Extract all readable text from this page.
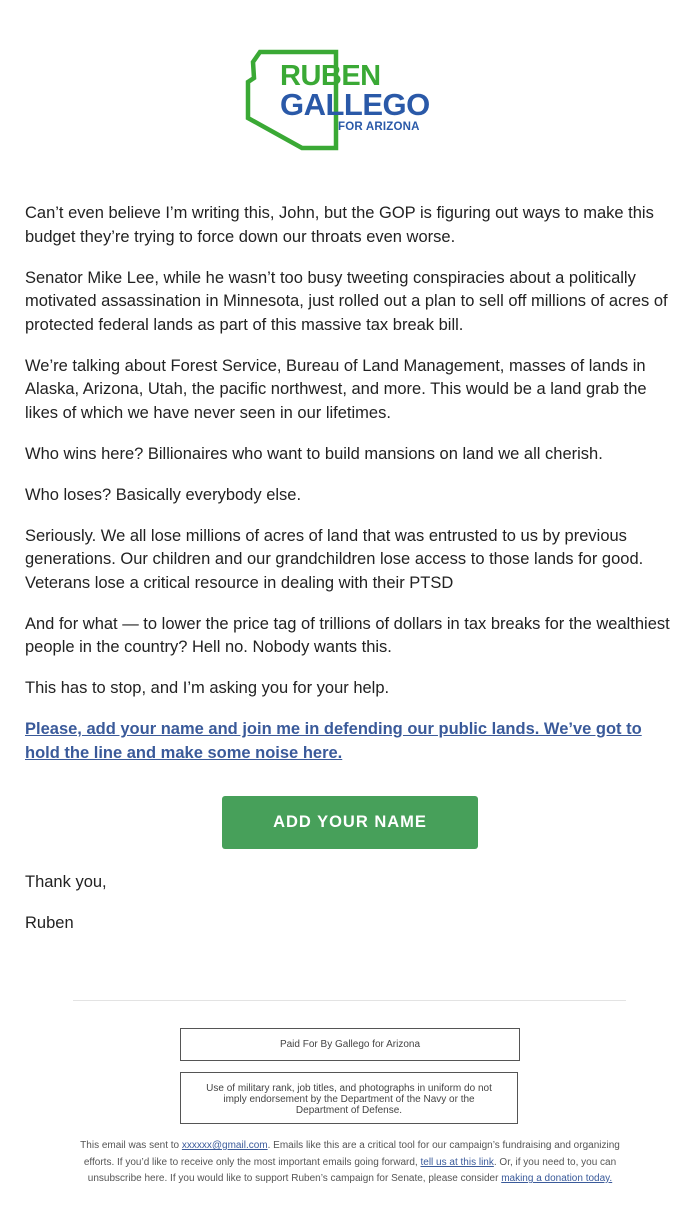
RUBEN
GALLEGO
FOR ARIZONA

Can’t even believe I’m writing this, John, but the GOP is figuring out ways to make this budget they’re trying to force down our throats even worse.

Senator Mike Lee, while he wasn’t too busy tweeting conspiracies about a politically motivated assassination in Minnesota, just rolled out a plan to sell off millions of acres of protected federal lands as part of this massive tax break bill.

We’re talking about Forest Service, Bureau of Land Management, masses of lands in Alaska, Arizona, Utah, the pacific northwest, and more. This would be a land grab the likes of which we have never seen in our lifetimes.

Who wins here? Billionaires who want to build mansions on land we all cherish.

Who loses? Basically everybody else.

Seriously. We all lose millions of acres of land that was entrusted to us by previous generations. Our children and our grandchildren lose access to those lands for good. Veterans lose a critical resource in dealing with their PTSD

And for what — to lower the price tag of trillions of dollars in tax breaks for the wealthiest people in the country? Hell no. Nobody wants this.

This has to stop, and I’m asking you for your help.

Please, add your name and join me in defending our public lands. We’ve got to hold the line and make some noise here.

ADD YOUR NAME

Thank you,

Ruben

Paid For By Gallego for Arizona
Use of military rank, job titles, and photographs in uniform do not imply endorsement by the Department of the Navy or the Department of Defense.
This email was sent to xxxxxx@gmail.com. Emails like this are a critical tool for our campaign’s fundraising and organizing efforts. If you’d like to receive only the most important emails going forward, tell us at this link. Or, if you need to, you can unsubscribe here. If you would like to support Ruben’s campaign for Senate, please consider making a donation today.
